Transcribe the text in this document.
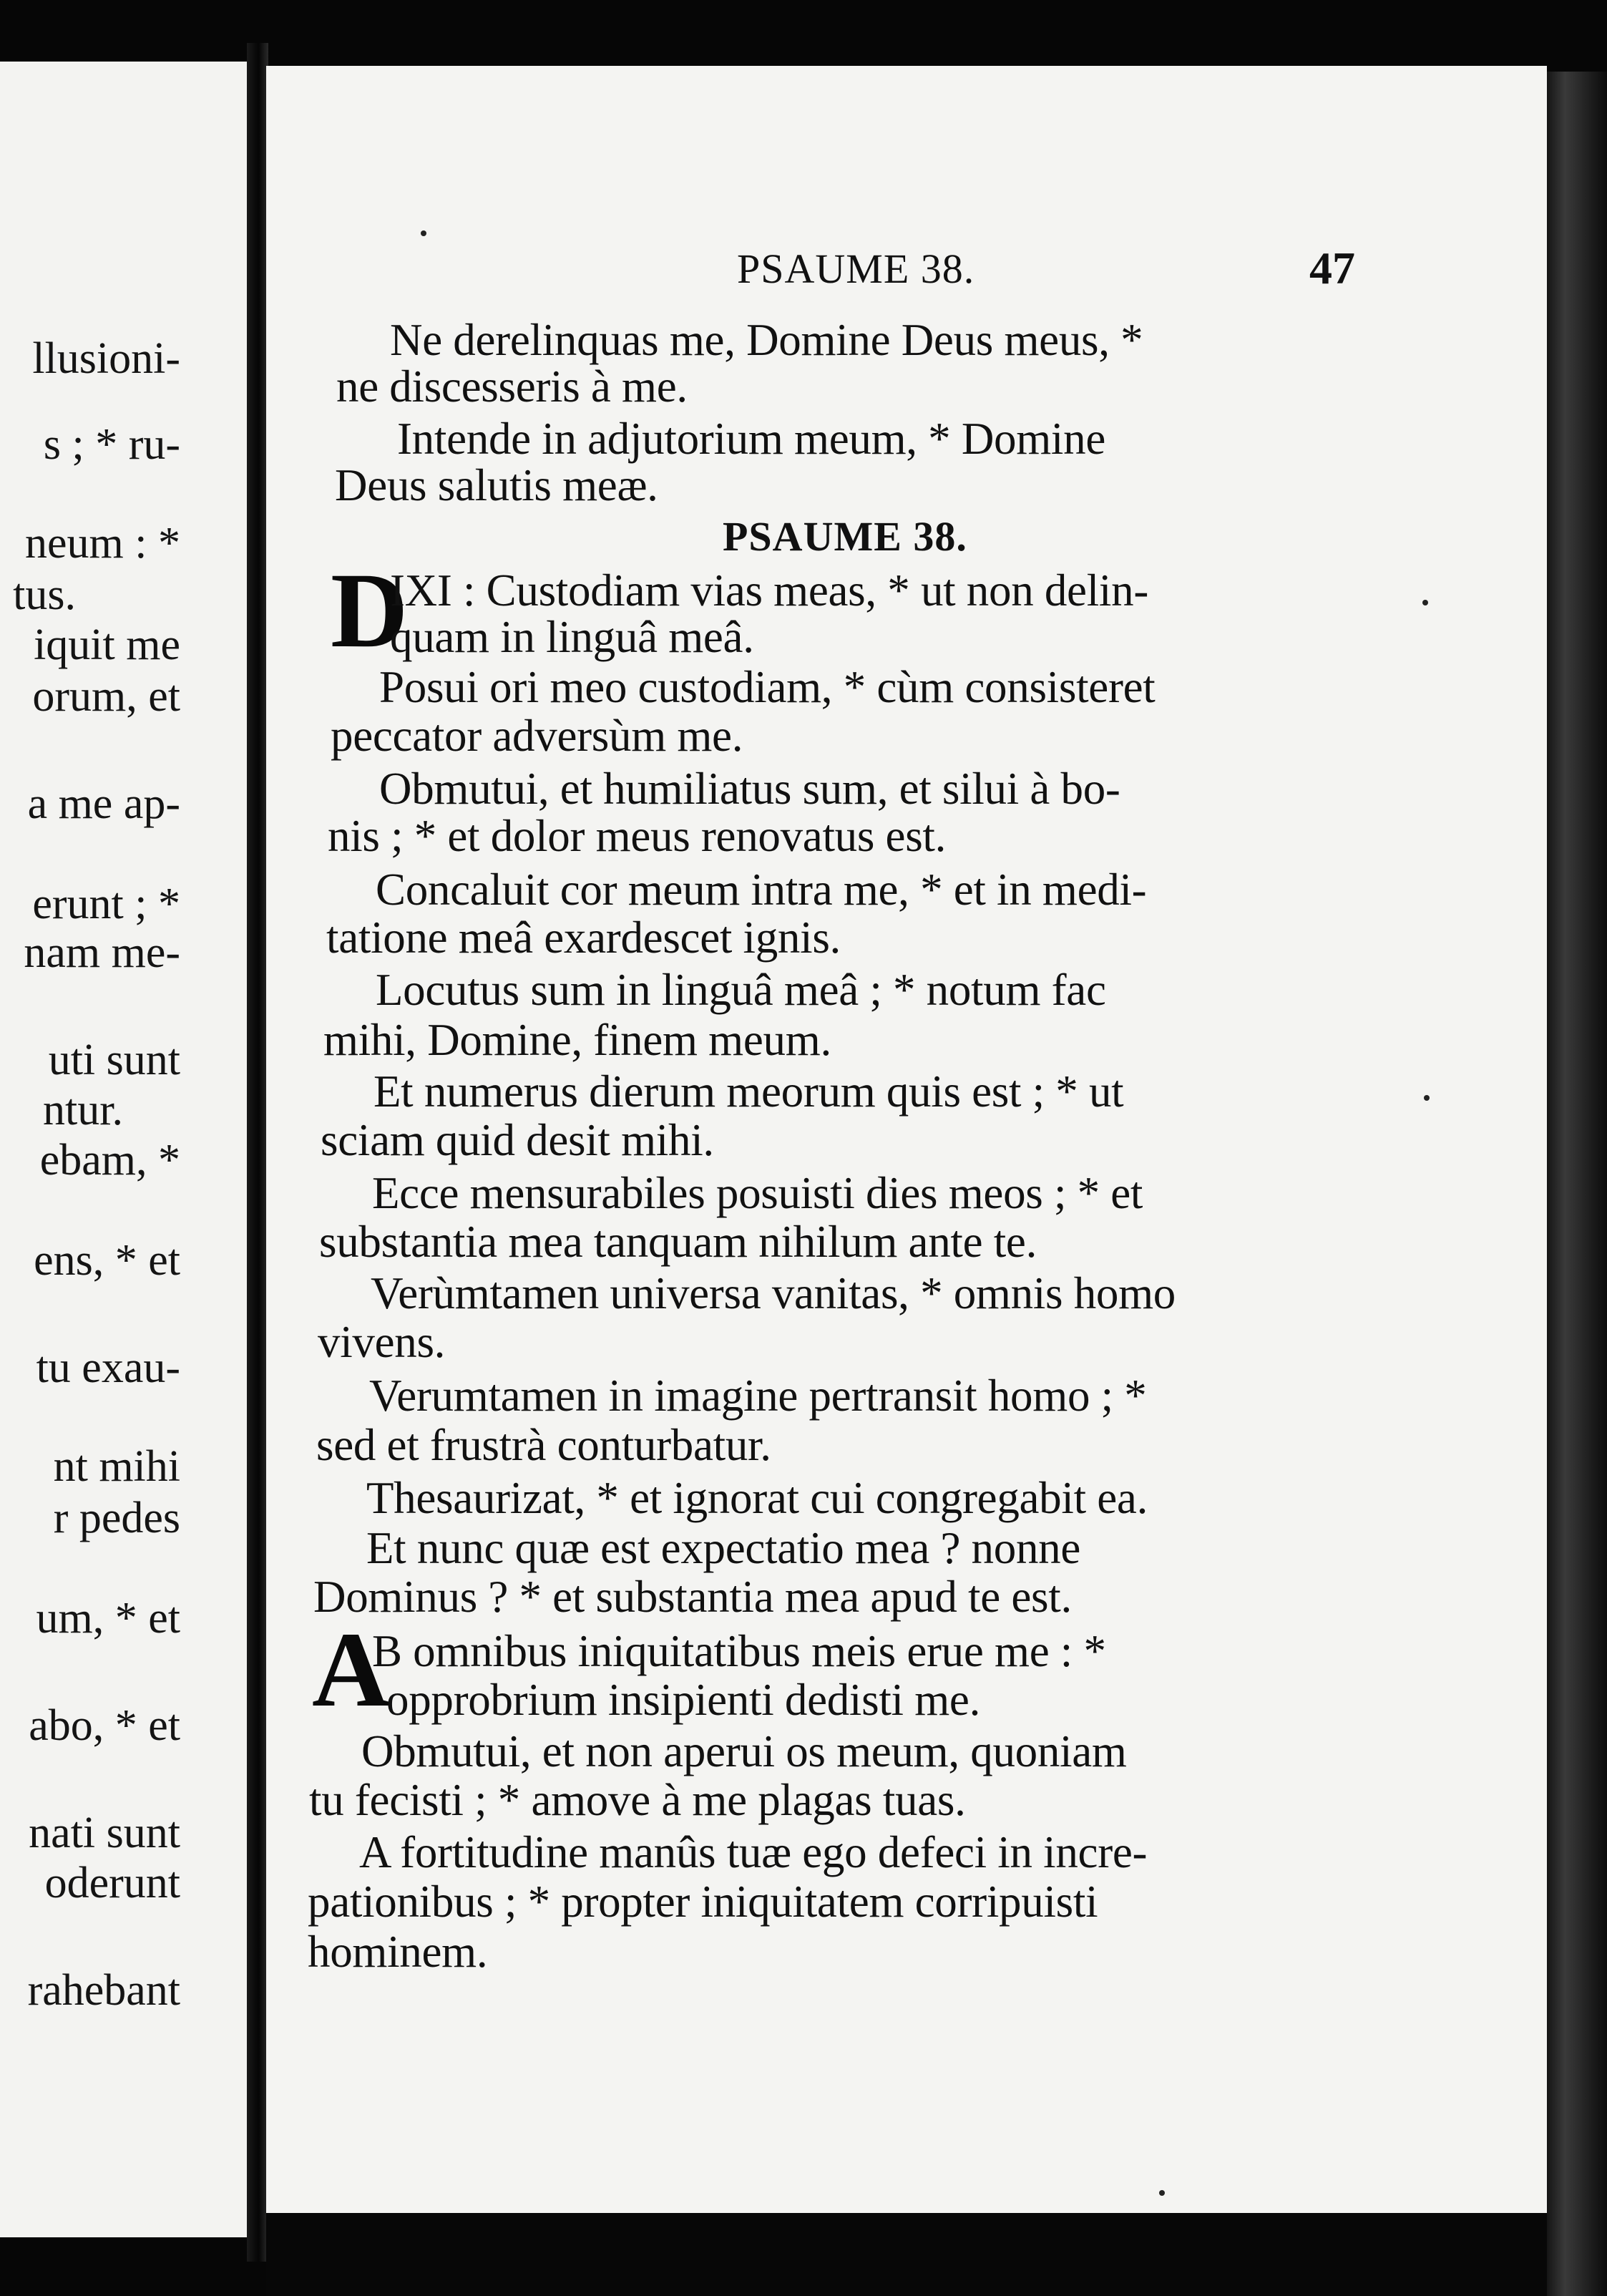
llusioni-
s ; * ru-
neum : *
tus.
iquit me
orum, et
a me ap-
erunt ; *
nam me-
uti sunt
ntur.
ebam, *
ens, * et
tu exau-
nt mihi
r pedes
um, * et
abo, * et
nati sunt
oderunt
rahebant
PSAUME 38.	47
Ne derelinquas me, Domine Deus meus, *
ne discesseris à me.
Intende in adjutorium meum, * Domine
Deus salutis meæ.
PSAUME 38.
D
IXI : Custodiam vias meas, * ut non delin-
quam in linguâ meâ.
Posui ori meo custodiam, * cùm consisteret
peccator adversùm me.
Obmutui, et humiliatus sum, et silui à bo-
nis ; * et dolor meus renovatus est.
Concaluit cor meum intra me, * et in medi-
tatione meâ exardescet ignis.
Locutus sum in linguâ meâ ; * notum fac
mihi, Domine, finem meum.
Et numerus dierum meorum quis est ; * ut
sciam quid desit mihi.
Ecce mensurabiles posuisti dies meos ; * et
substantia mea tanquam nihilum ante te.
Verùmtamen universa vanitas, * omnis homo
vivens.
Verumtamen in imagine pertransit homo ; *
sed et frustrà conturbatur.
Thesaurizat, * et ignorat cui congregabit ea.
Et nunc quæ est expectatio mea ? nonne
Dominus ? * et substantia mea apud te est.
A
B omnibus iniquitatibus meis erue me : *
opprobrium insipienti dedisti me.
Obmutui, et non aperui os meum, quoniam
tu fecisti ; * amove à me plagas tuas.
A fortitudine manûs tuæ ego defeci in incre-
pationibus ; * propter iniquitatem corripuisti
hominem.
